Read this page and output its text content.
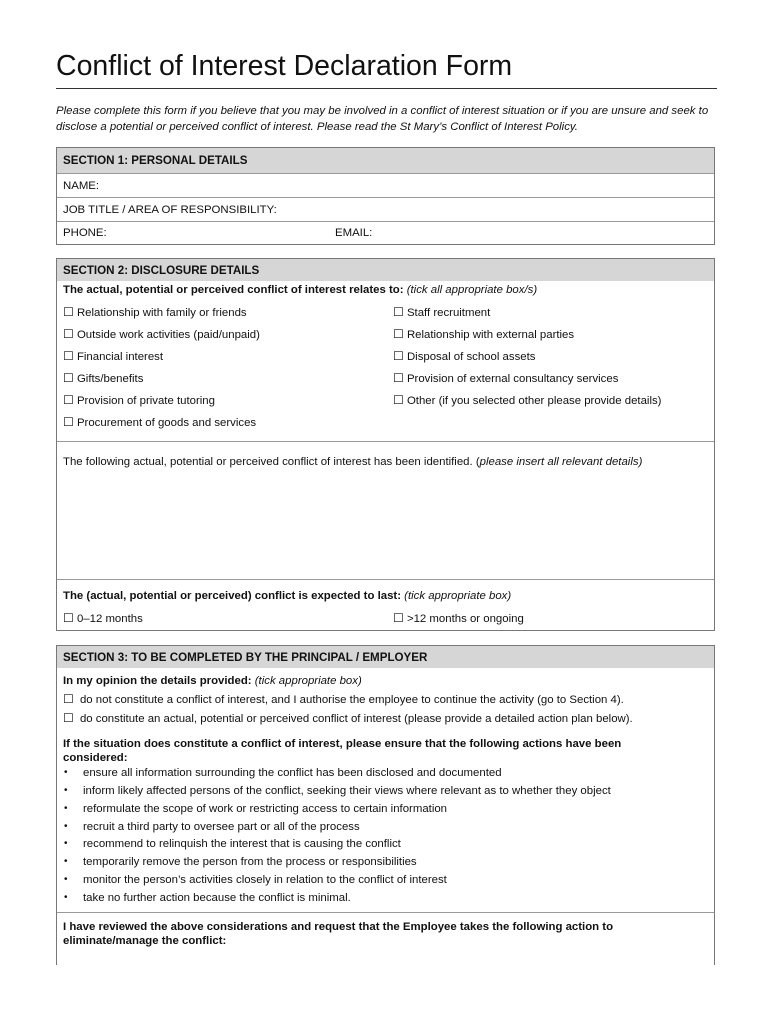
Conflict of Interest Declaration Form
Please complete this form if you believe that you may be involved in a conflict of interest situation or if you are unsure and seek to disclose a potential or perceived conflict of interest. Please read the St Mary’s Conflict of Interest Policy.
SECTION 1: PERSONAL DETAILS
NAME:
JOB TITLE / AREA OF RESPONSIBILITY:
PHONE:	EMAIL:
SECTION 2: DISCLOSURE DETAILS
The actual, potential or perceived conflict of interest relates to: (tick all appropriate box/s)
☐ Relationship with family or friends
☐ Outside work activities (paid/unpaid)
☐ Financial interest
☐ Gifts/benefits
☐ Provision of private tutoring
☐ Procurement of goods and services
☐ Staff recruitment
☐ Relationship with external parties
☐ Disposal of school assets
☐ Provision of external consultancy services
☐ Other (if you selected other please provide details)
The following actual, potential or perceived conflict of interest has been identified. (please insert all relevant details)
The (actual, potential or perceived) conflict is expected to last: (tick appropriate box)
☐ 0–12 months	☐ >12 months or ongoing
SECTION 3: TO BE COMPLETED BY THE PRINCIPAL / EMPLOYER
In my opinion the details provided: (tick appropriate box)
☐ do not constitute a conflict of interest, and I authorise the employee to continue the activity (go to Section 4).
☐ do constitute an actual, potential or perceived conflict of interest (please provide a detailed action plan below).
If the situation does constitute a conflict of interest, please ensure that the following actions have been
considered:
• ensure all information surrounding the conflict has been disclosed and documented
• inform likely affected persons of the conflict, seeking their views where relevant as to whether they object
• reformulate the scope of work or restricting access to certain information
• recruit a third party to oversee part or all of the process
• recommend to relinquish the interest that is causing the conflict
• temporarily remove the person from the process or responsibilities
• monitor the person’s activities closely in relation to the conflict of interest
• take no further action because the conflict is minimal.
I have reviewed the above considerations and request that the Employee takes the following action to
eliminate/manage the conflict:
